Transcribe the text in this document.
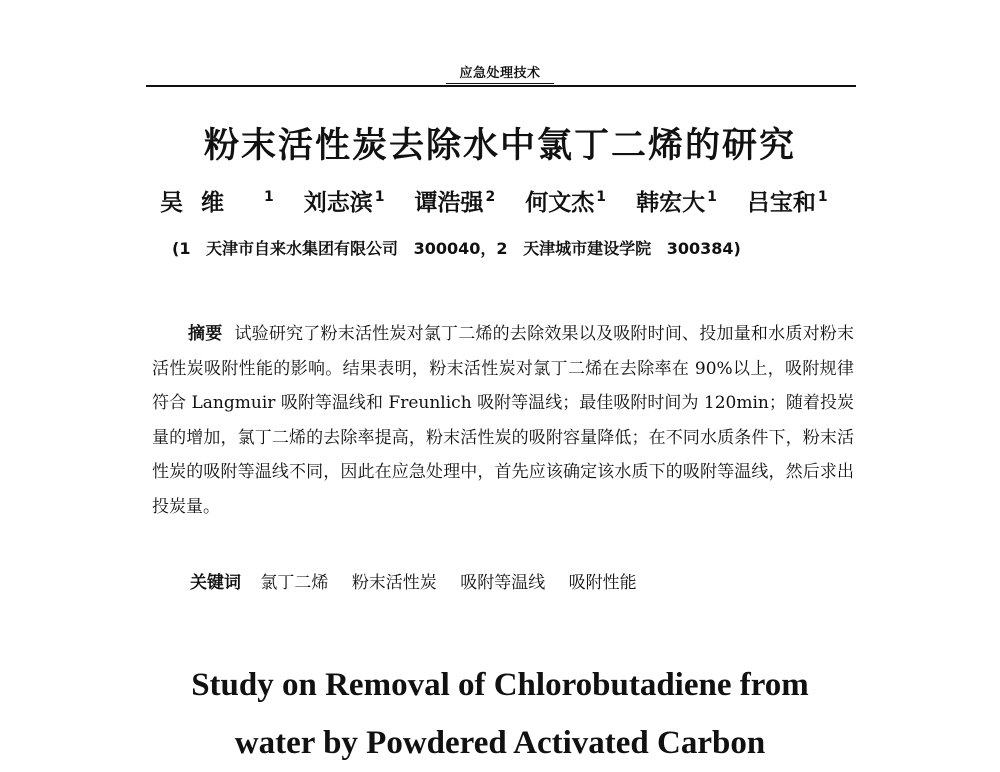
应急处理技术
粉末活性炭去除水中氯丁二烯的研究
吴维 $^1$ 刘志滨 $^1$ 谭浩强 $^2$ 何文杰 $^1$ 韩宏大 $^1$ 吕宝和 $^1$
(1 天津市自来水集团有限公司 300040，2 天津城市建设学院 300384)

摘要 试验研究了粉末活性炭对氯丁二烯的去除效果以及吸附时间、投加量和水质对粉末活性炭吸附性能的影响。结果表明，粉末活性炭对氯丁二烯在去除率在 90%以上，吸附规律符合 Langmuir 吸附等温线和 Freunlich 吸附等温线；最佳吸附时间为 120min；随着投炭量的增加，氯丁二烯的去除率提高，粉末活性炭的吸附容量降低；在不同水质条件下，粉末活性炭的吸附等温线不同，因此在应急处理中，首先应该确定该水质下的吸附等温线，然后求出投炭量。

关键词 氯丁二烯 粉末活性炭 吸附等温线 吸附性能
Study on Removal of Chlorobutadiene from
water by Powdered Activated Carbon
